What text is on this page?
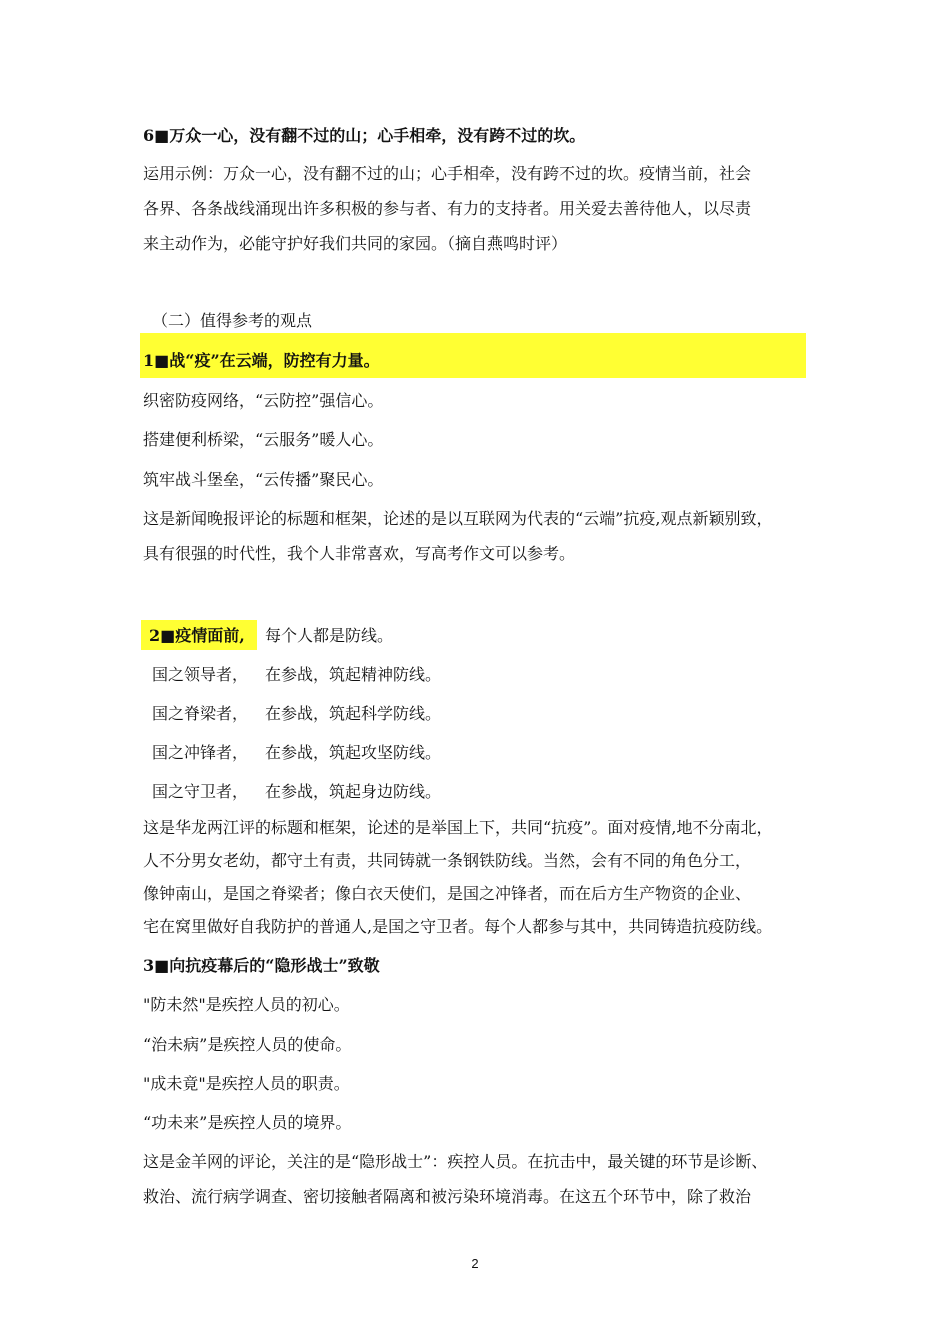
6■万众一心，没有翻不过的山；心手相牵，没有跨不过的坎。
运用示例：万众一心，没有翻不过的山；心手相牵，没有跨不过的坎。疫情当前，社会
各界、各条战线涌现出许多积极的参与者、有力的支持者。用关爱去善待他人，以尽责
来主动作为，必能守护好我们共同的家园。（摘自燕鸣时评）
（二）值得参考的观点
1■战“疫”在云端，防控有力量。
织密防疫网络，“云防控”强信心。
搭建便利桥梁，“云服务”暖人心。
筑牢战斗堡垒，“云传播”聚民心。
这是新闻晚报评论的标题和框架，论述的是以互联网为代表的“云端”抗疫,观点新颖别致，
具有很强的时代性，我个人非常喜欢，写高考作文可以参考。
2■疫情面前, 每个人都是防线。
国之领导者， 在参战，筑起精神防线。
国之脊梁者， 在参战，筑起科学防线。
国之冲锋者， 在参战，筑起攻坚防线。
国之守卫者， 在参战，筑起身边防线。
这是华龙两江评的标题和框架，论述的是举国上下，共同“抗疫”。面对疫情,地不分南北，
人不分男女老幼，都守土有责，共同铸就一条钢铁防线。当然，会有不同的角色分工，
像钟南山，是国之脊梁者；像白衣天使们，是国之冲锋者，而在后方生产物资的企业、
宅在窝里做好自我防护的普通人,是国之守卫者。每个人都参与其中，共同铸造抗疫防线。
3■向抗疫幕后的“隐形战士”致敬
"防未然"是疾控人员的初心。
“治未病”是疾控人员的使命。
"成未竟"是疾控人员的职责。
“功未来”是疾控人员的境界。
这是金羊网的评论，关注的是“隐形战士”：疾控人员。在抗击中，最关键的环节是诊断、
救治、流行病学调查、密切接触者隔离和被污染环境消毒。在这五个环节中，除了救治
2
